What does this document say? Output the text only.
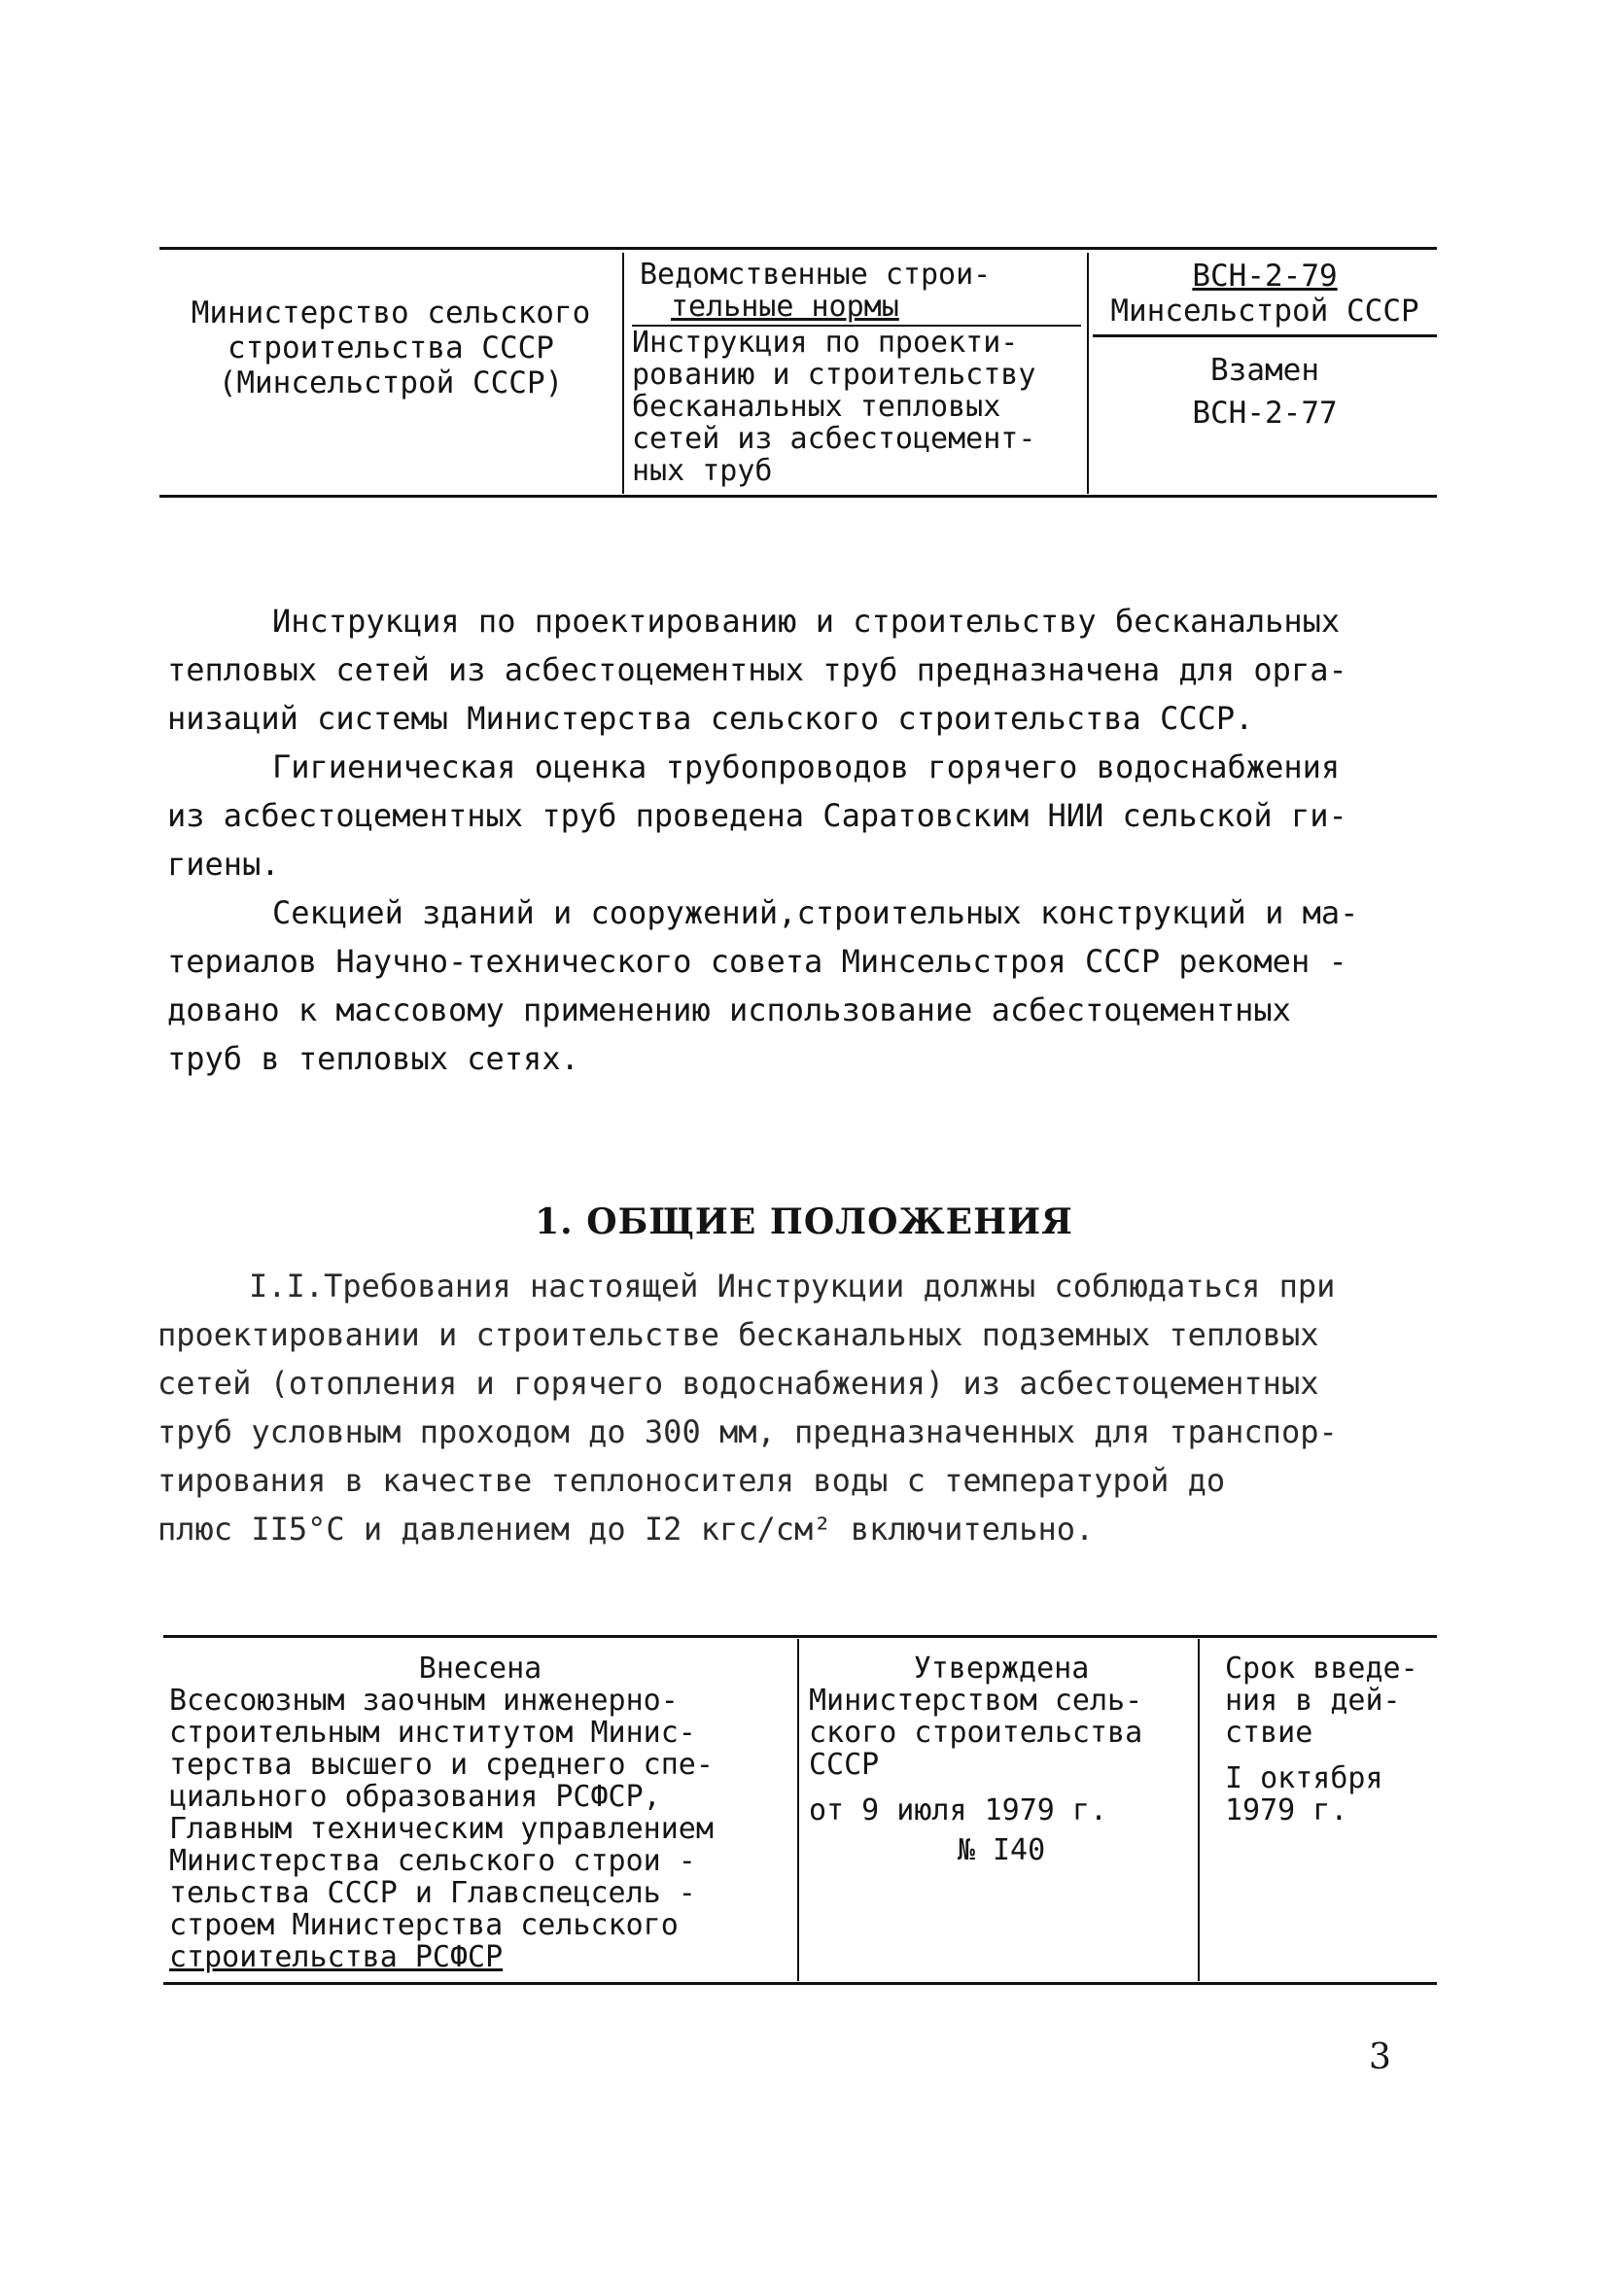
Министерство сельского
строительства СССР
(Минсельстрой СССР)
Ведомственные строи-
тельные нормы
Инструкция по проекти-
рованию и строительству
бесканальных тепловых
сетей из асбестоцемент-
ных труб
ВСН-2-79
Минсельстрой СССР
Взамен
ВСН-2-77
Инструкция по проектированию и строительству бесканальных
тепловых сетей из асбестоцементных труб предназначена для орга-
низаций системы Министерства сельского строительства СССР.
Гигиеническая оценка трубопроводов горячего водоснабжения
из асбестоцементных труб проведена Саратовским НИИ сельской ги-
гиены.
Секцией зданий и сооружений,строительных конструкций и ма-
териалов Научно-технического совета Минсельстроя СССР рекомен -
довано к массовому применению использование асбестоцементных
труб в тепловых сетях.
1. ОБЩИЕ ПОЛОЖЕНИЯ
I.I.Требования настоящей Инструкции должны соблюдаться при
проектировании и строительстве бесканальных подземных тепловых
сетей (отопления и горячего водоснабжения) из асбестоцементных
труб условным проходом до 300 мм, предназначенных для транспор-
тирования в качестве теплоносителя воды с температурой до
плюс II5°С и давлением до I2 кгс/см² включительно.
Внесена
Всесоюзным заочным инженерно-
строительным институтом Минис-
терства высшего и среднего спе-
циального образования РСФСР,
Главным техническим управлением
Министерства сельского строи -
тельства СССР и Главспецсель -
строем Министерства сельского
строительства РСФСР
Утверждена
Министерством сель-
ского строительства
СССР
от 9 июля 1979 г.
№ I40
Срок введе-
ния в дей-
ствие
I октября
1979 г.
3
